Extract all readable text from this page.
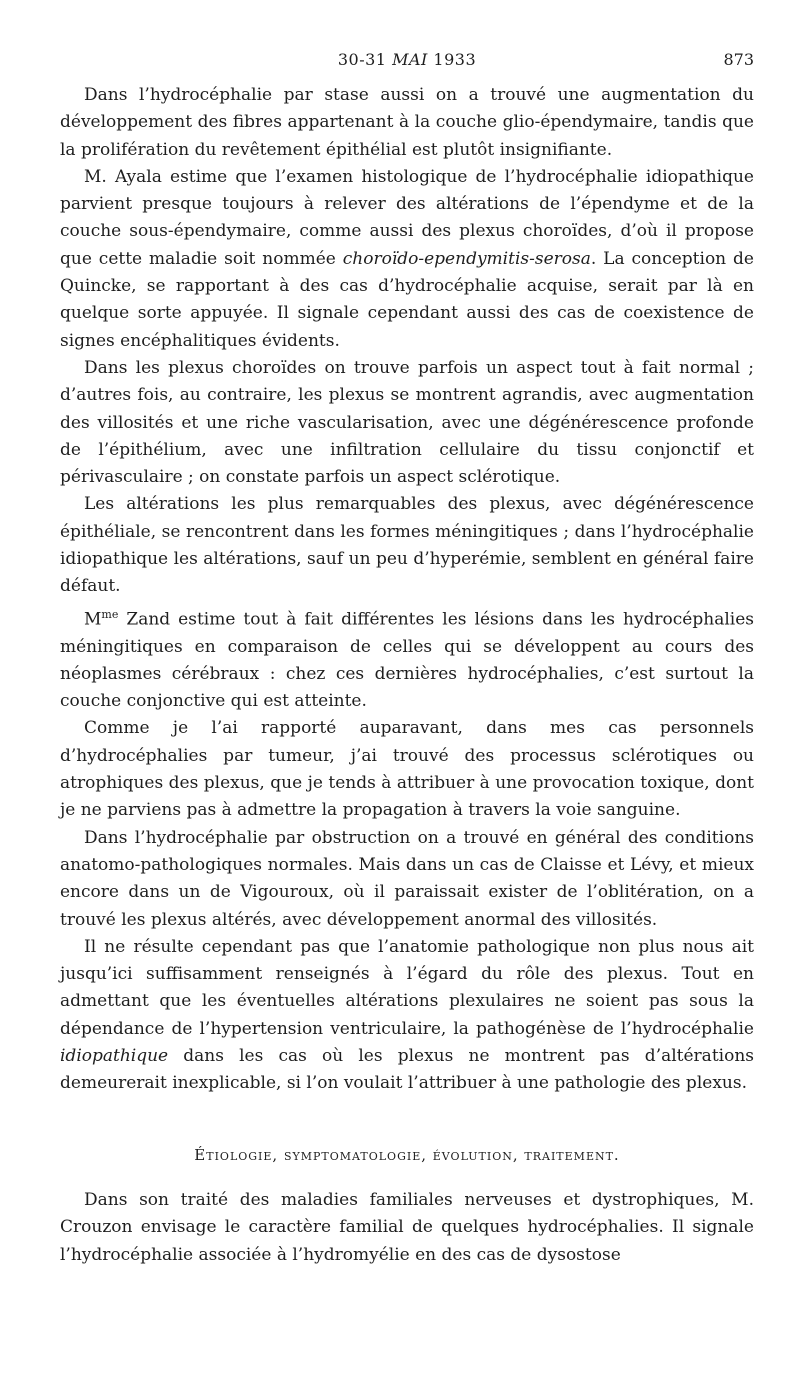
30-31 MAI 1933	873

Dans l’hydrocéphalie par stase aussi on a trouvé une augmentation du développement des fibres appartenant à la couche glio-épendymaire, tandis que la prolifération du revêtement épithélial est plutôt insignifiante.

M. Ayala estime que l’examen histologique de l’hydrocéphalie idiopathique parvient presque toujours à relever des altérations de l’épendyme et de la couche sous-épendymaire, comme aussi des plexus choroïdes, d’où il propose que cette maladie soit nommée choroïdo-ependymitis-serosa. La conception de Quincke, se rapportant à des cas d’hydrocéphalie acquise, serait par là en quelque sorte appuyée. Il signale cependant aussi des cas de coexistence de signes encéphalitiques évidents.

Dans les plexus choroïdes on trouve parfois un aspect tout à fait normal ; d’autres fois, au contraire, les plexus se montrent agrandis, avec augmentation des villosités et une riche vascularisation, avec une dégénérescence profonde de l’épithélium, avec une infiltration cellulaire du tissu conjonctif et périvasculaire ; on constate parfois un aspect sclérotique.

Les altérations les plus remarquables des plexus, avec dégénérescence épithéliale, se rencontrent dans les formes méningitiques ; dans l’hydrocéphalie idiopathique les altérations, sauf un peu d’hyperémie, semblent en général faire défaut.

$M^{me}$ Zand estime tout à fait différentes les lésions dans les hydrocéphalies méningitiques en comparaison de celles qui se développent au cours des néoplasmes cérébraux : chez ces dernières hydrocéphalies, c’est surtout la couche conjonctive qui est atteinte.

Comme je l’ai rapporté auparavant, dans mes cas personnels d’hydrocéphalies par tumeur, j’ai trouvé des processus sclérotiques ou atrophiques des plexus, que je tends à attribuer à une provocation toxique, dont je ne parviens pas à admettre la propagation à travers la voie sanguine.

Dans l’hydrocéphalie par obstruction on a trouvé en général des conditions anatomo-pathologiques normales. Mais dans un cas de Claisse et Lévy, et mieux encore dans un de Vigouroux, où il paraissait exister de l’oblitération, on a trouvé les plexus altérés, avec développement anormal des villosités.

Il ne résulte cependant pas que l’anatomie pathologique non plus nous ait jusqu’ici suffisamment renseignés à l’égard du rôle des plexus. Tout en admettant que les éventuelles altérations plexulaires ne soient pas sous la dépendance de l’hypertension ventriculaire, la pathogénèse de l’hydrocéphalie idiopathique dans les cas où les plexus ne montrent pas d’altérations demeurerait inexplicable, si l’on voulait l’attribuer à une pathologie des plexus.

Étiologie, symptomatologie, évolution, traitement.

Dans son traité des maladies familiales nerveuses et dystrophiques, M. Crouzon envisage le caractère familial de quelques hydrocéphalies. Il signale l’hydrocéphalie associée à l’hydromyélie en des cas de dysostose
